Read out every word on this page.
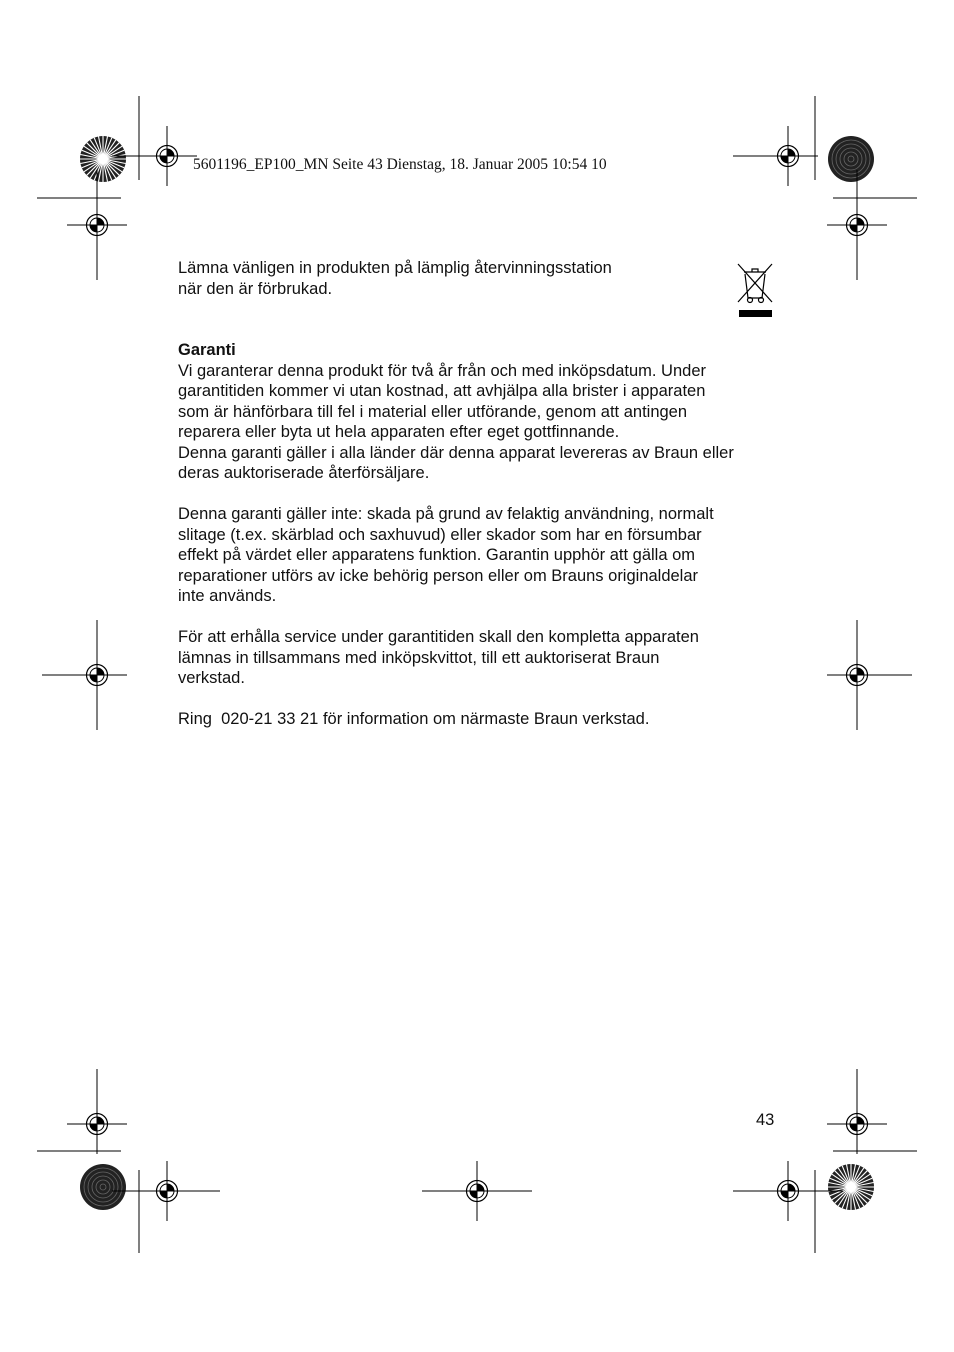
5601196_EP100_MN Seite 43 Dienstag, 18. Januar 2005 10:54 10

Lämna vänligen in produkten på lämplig återvinningsstation

när den är förbrukad.

Garanti

Vi garanterar denna produkt för två år från och med inköpsdatum. Under

garantitiden kommer vi utan kostnad, att avhjälpa alla brister i apparaten

som är hänförbara till fel i material eller utförande, genom att antingen

reparera eller byta ut hela apparaten efter eget gottfinnande.

Denna garanti gäller i alla länder där denna apparat levereras av Braun eller

deras auktoriserade återförsäljare.

Denna garanti gäller inte: skada på grund av felaktig användning, normalt

slitage (t.ex. skärblad och saxhuvud) eller skador som har en försumbar

effekt på värdet eller apparatens funktion. Garantin upphör att gälla om

reparationer utförs av icke behörig person eller om Brauns originaldelar

inte används.

För att erhålla service under garantitiden skall den kompletta apparaten

lämnas in tillsammans med inköpskvittot, till ett auktoriserat Braun

verkstad.

Ring  020-21 33 21 för information om närmaste Braun verkstad.

43
